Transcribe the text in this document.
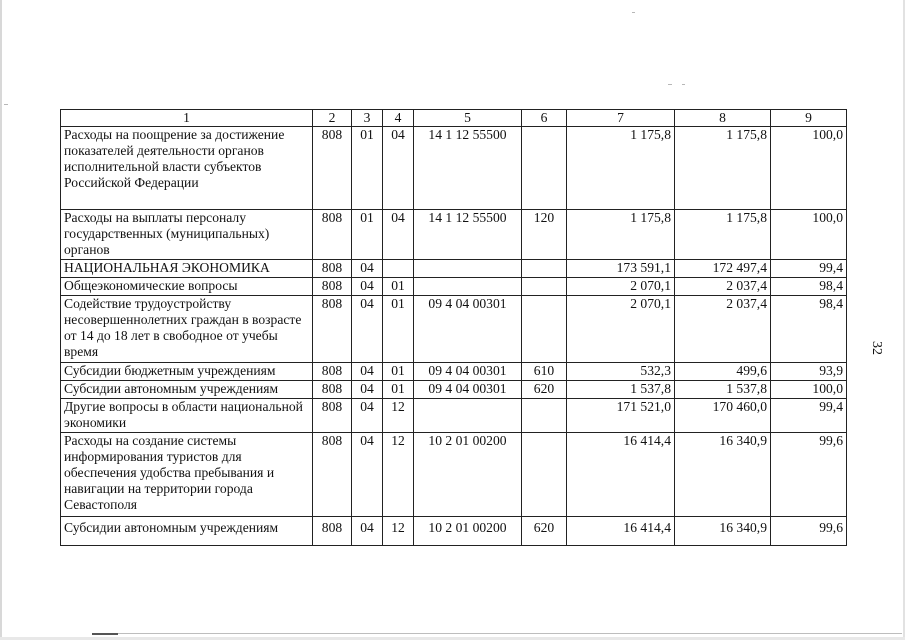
32
1	2	3	4	5	6	7	8	9
Расходы на поощрение за достижение показателей деятельности органов исполнительной власти субъектов Российской Федерации	808	01	04	14 1 12 55500		1 175,8	1 175,8	100,0
Расходы на выплаты персоналу государственных (муниципальных) органов	808	01	04	14 1 12 55500	120	1 175,8	1 175,8	100,0
НАЦИОНАЛЬНАЯ ЭКОНОМИКА	808	04				173 591,1	172 497,4	99,4
Общеэкономические вопросы	808	04	01			2 070,1	2 037,4	98,4
Содействие трудоустройству несовершеннолетних граждан в возрасте от 14 до 18 лет в свободное от учебы время	808	04	01	09 4 04 00301		2 070,1	2 037,4	98,4
Субсидии бюджетным учреждениям	808	04	01	09 4 04 00301	610	532,3	499,6	93,9
Субсидии автономным учреждениям	808	04	01	09 4 04 00301	620	1 537,8	1 537,8	100,0
Другие вопросы в области национальной экономики	808	04	12			171 521,0	170 460,0	99,4
Расходы на создание системы информирования туристов для обеспечения удобства пребывания и навигации на территории города Севастополя	808	04	12	10 2 01 00200		16 414,4	16 340,9	99,6
Субсидии автономным учреждениям	808	04	12	10 2 01 00200	620	16 414,4	16 340,9	99,6
